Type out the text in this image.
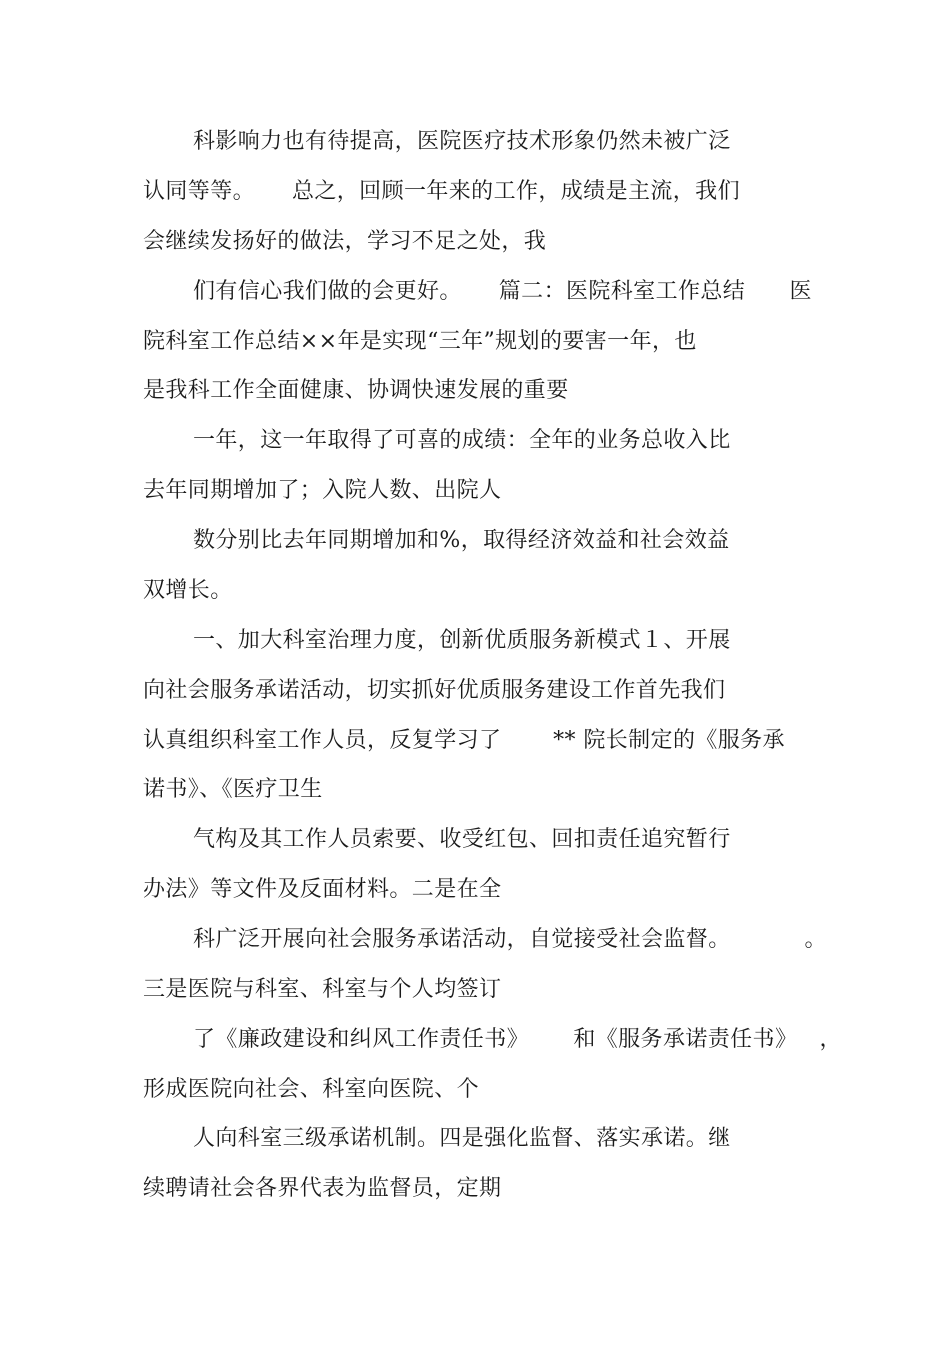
科影响力也有待提高，医院医疗技术形象仍然未被广泛
认同等等。     总之，回顾一年来的工作，成绩是主流，我们
会继续发扬好的做法，学习不足之处，我
们有信心我们做的会更好。     篇二：医院科室工作总结      医
院科室工作总结××年是实现“三年”规划的要害一年，也
是我科工作全面健康、协调快速发展的重要
一年，这一年取得了可喜的成绩：全年的业务总收入比
去年同期增加了；入院人数、出院人
数分别比去年同期增加和%，取得经济效益和社会效益
双增长。
一、加大科室治理力度，创新优质服务新模式１、开展
向社会服务承诺活动，切实抓好优质服务建设工作首先我们
认真组织科室工作人员，反复学习了       ** 院长制定的《服务承
诺书》、《医疗卫生
气构及其工作人员索要、收受红包、回扣责任追究暂行
办法》等文件及反面材料。二是在全
科广泛开展向社会服务承诺活动，自觉接受社会监督。          。
三是医院与科室、科室与个人均签订
了《廉政建设和纠风工作责任书》      和《服务承诺责任书》   ，
形成医院向社会、科室向医院、个
人向科室三级承诺机制。四是强化监督、落实承诺。继
续聘请社会各界代表为监督员，定期
